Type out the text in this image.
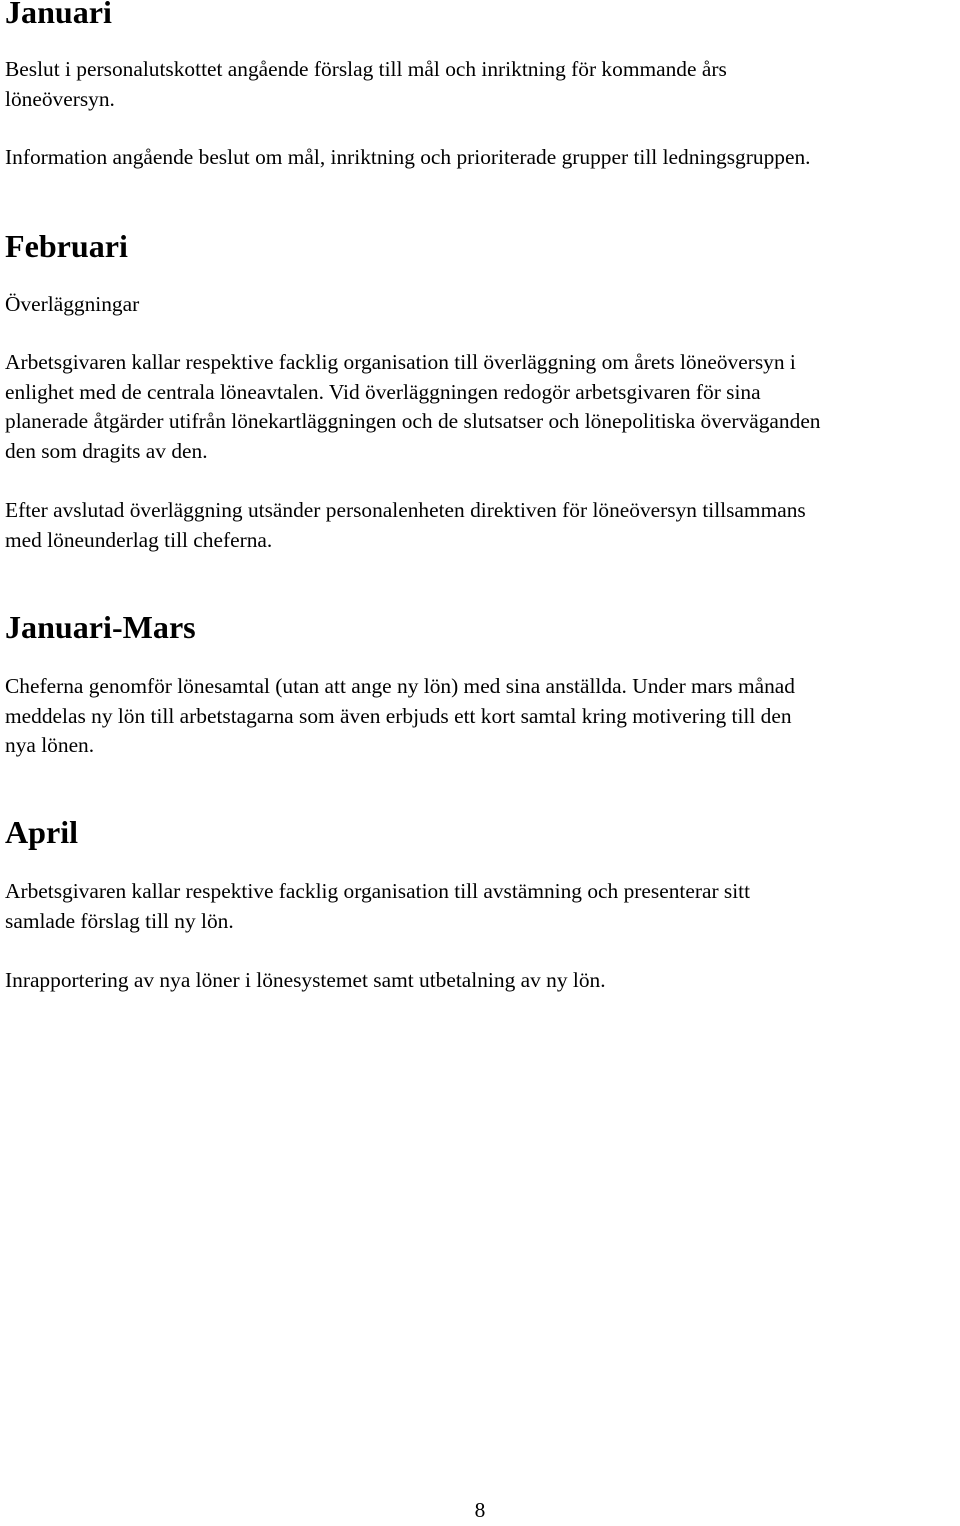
Januari

Beslut i personalutskottet angående förslag till mål och inriktning för kommande års
löneöversyn.

Information angående beslut om mål, inriktning och prioriterade grupper till ledningsgruppen.

Februari

Överläggningar

Arbetsgivaren kallar respektive facklig organisation till överläggning om årets löneöversyn i
enlighet med de centrala löneavtalen. Vid överläggningen redogör arbetsgivaren för sina
planerade åtgärder utifrån lönekartläggningen och de slutsatser och lönepolitiska överväganden
den som dragits av den.

Efter avslutad överläggning utsänder personalenheten direktiven för löneöversyn tillsammans
med löneunderlag till cheferna.

Januari-Mars

Cheferna genomför lönesamtal (utan att ange ny lön) med sina anställda. Under mars månad
meddelas ny lön till arbetstagarna som även erbjuds ett kort samtal kring motivering till den
nya lönen.

April

Arbetsgivaren kallar respektive facklig organisation till avstämning och presenterar sitt
samlade förslag till ny lön.

Inrapportering av nya löner i lönesystemet samt utbetalning av ny lön.

8
